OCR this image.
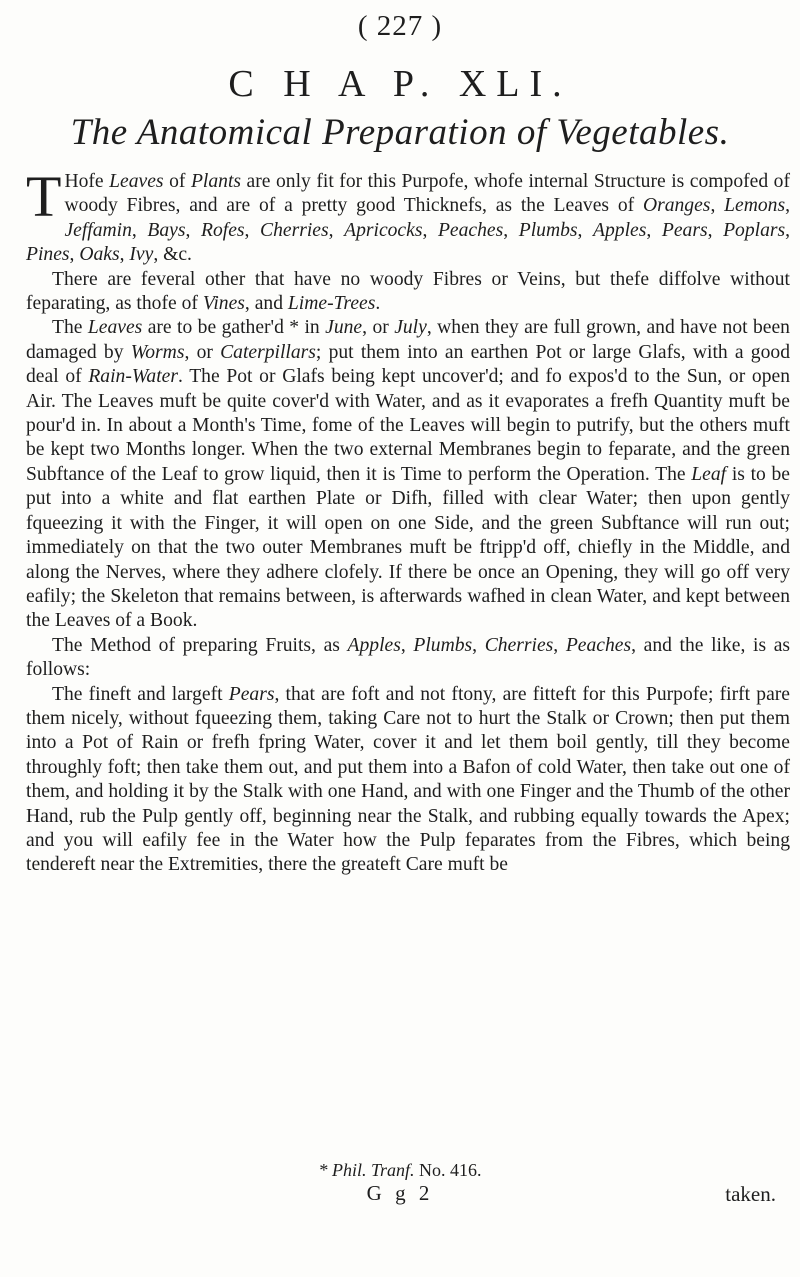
( 227 )
C H A P. XLI.
The Anatomical Preparation of Vegetables.

T Hofe Leaves of Plants are only fit for this Purpofe, whofe internal Structure is compofed of woody Fibres, and are of a pretty good Thicknefs, as the Leaves of Oranges, Lemons, Jeffamin, Bays, Rofes, Cherries, Apricocks, Peaches, Plumbs, Apples, Pears, Poplars, Pines, Oaks, Ivy, &c.

There are feveral other that have no woody Fibres or Veins, but thefe diffolve without feparating, as thofe of Vines, and Lime-Trees.

The Leaves are to be gather'd * in June, or July, when they are full grown, and have not been damaged by Worms, or Caterpillars; put them into an earthen Pot or large Glafs, with a good deal of Rain-Water. The Pot or Glafs being kept uncover'd; and fo expos'd to the Sun, or open Air. The Leaves muft be quite cover'd with Water, and as it evaporates a frefh Quantity muft be pour'd in. In about a Month's Time, fome of the Leaves will begin to putrify, but the others muft be kept two Months longer. When the two external Membranes begin to feparate, and the green Subftance of the Leaf to grow liquid, then it is Time to perform the Operation. The Leaf is to be put into a white and flat earthen Plate or Difh, filled with clear Water; then upon gently fqueezing it with the Finger, it will open on one Side, and the green Subftance will run out; immediately on that the two outer Membranes muft be ftripp'd off, chiefly in the Middle, and along the Nerves, where they adhere clofely. If there be once an Opening, they will go off very eafily; the Skeleton that remains between, is afterwards wafhed in clean Water, and kept between the Leaves of a Book.

The Method of preparing Fruits, as Apples, Plumbs, Cherries, Peaches, and the like, is as follows:

The fineft and largeft Pears, that are foft and not ftony, are fitteft for this Purpofe; firft pare them nicely, without fqueezing them, taking Care not to hurt the Stalk or Crown; then put them into a Pot of Rain or frefh fpring Water, cover it and let them boil gently, till they become throughly foft; then take them out, and put them into a Bafon of cold Water, then take out one of them, and holding it by the Stalk with one Hand, and with one Finger and the Thumb of the other Hand, rub the Pulp gently off, beginning near the Stalk, and rubbing equally towards the Apex; and you will eafily fee in the Water how the Pulp feparates from the Fibres, which being tendereft near the Extremities, there the greateft Care muft be

* Phil. Tranf. No. 416.
G g 2	taken.
